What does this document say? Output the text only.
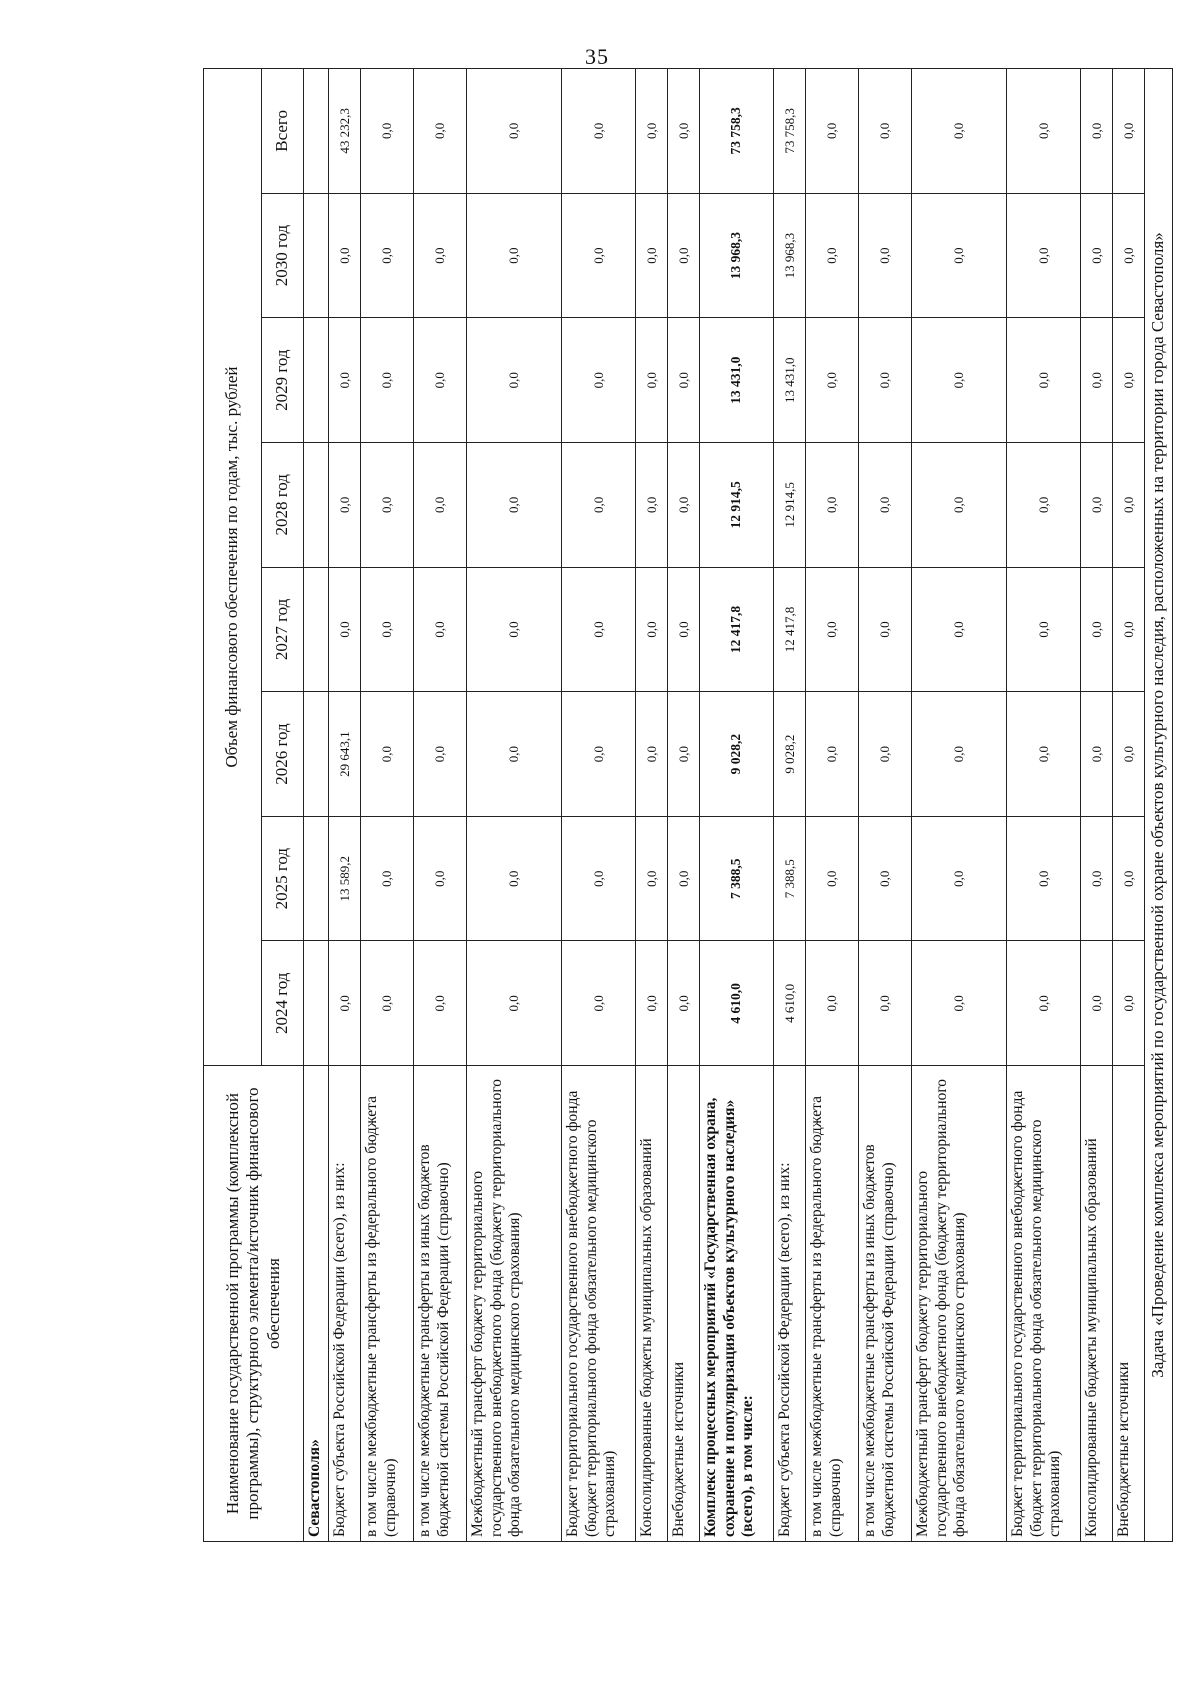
35
Наименование государственной программы (комплексной программы), структурного элемента/источник финансового обеспечения	Объем финансового обеспечения по годам, тыс. рублей							
	2024 год	2025 год	2026 год	2027 год	2028 год	2029 год	2030 год	Всего
Севастополя»								
Бюджет субъекта Российской Федерации (всего), из них:	0,0	13 589,2	29 643,1	0,0	0,0	0,0	0,0	43 232,3
в том числе межбюджетные трансферты из федерального бюджета (справочно)	0,0	0,0	0,0	0,0	0,0	0,0	0,0	0,0
в том числе межбюджетные трансферты из иных бюджетов бюджетной системы Российской Федерации (справочно)	0,0	0,0	0,0	0,0	0,0	0,0	0,0	0,0
Межбюджетный трансферт бюджету территориального государственного внебюджетного фонда (бюджету территориального фонда обязательного медицинского страхования)	0,0	0,0	0,0	0,0	0,0	0,0	0,0	0,0
Бюджет территориального государственного внебюджетного фонда (бюджет территориального фонда обязательного медицинского страхования)	0,0	0,0	0,0	0,0	0,0	0,0	0,0	0,0
Консолидированные бюджеты муниципальных образований	0,0	0,0	0,0	0,0	0,0	0,0	0,0	0,0
Внебюджетные источники	0,0	0,0	0,0	0,0	0,0	0,0	0,0	0,0
Комплекс процессных мероприятий «Государственная охрана, сохранение и популяризация объектов культурного наследия» (всего), в том числе:	4 610,0	7 388,5	9 028,2	12 417,8	12 914,5	13 431,0	13 968,3	73 758,3
Бюджет субъекта Российской Федерации (всего), из них:	4 610,0	7 388,5	9 028,2	12 417,8	12 914,5	13 431,0	13 968,3	73 758,3
в том числе межбюджетные трансферты из федерального бюджета (справочно)	0,0	0,0	0,0	0,0	0,0	0,0	0,0	0,0
в том числе межбюджетные трансферты из иных бюджетов бюджетной системы Российской Федерации (справочно)	0,0	0,0	0,0	0,0	0,0	0,0	0,0	0,0
Межбюджетный трансферт бюджету территориального государственного внебюджетного фонда (бюджету территориального фонда обязательного медицинского страхования)	0,0	0,0	0,0	0,0	0,0	0,0	0,0	0,0
Бюджет территориального государственного внебюджетного фонда (бюджет территориального фонда обязательного медицинского страхования)	0,0	0,0	0,0	0,0	0,0	0,0	0,0	0,0
Консолидированные бюджеты муниципальных образований	0,0	0,0	0,0	0,0	0,0	0,0	0,0	0,0
Внебюджетные источники	0,0	0,0	0,0	0,0	0,0	0,0	0,0	0,0
Задача «Проведение комплекса мероприятий по государственной охране объектов культурного наследия, расположенных на территории города Севастополя»								
